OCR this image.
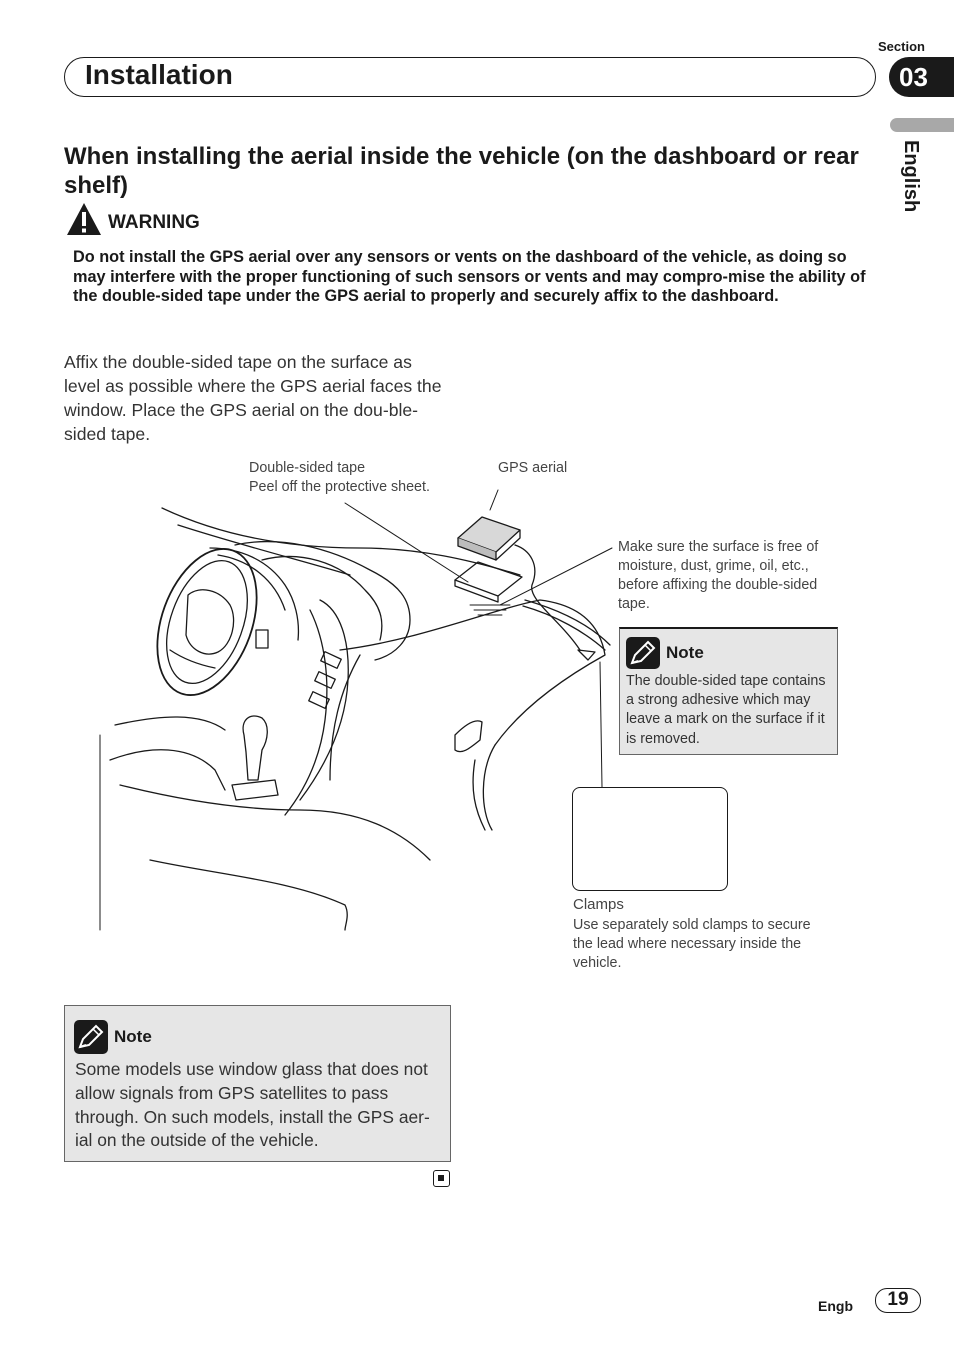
Section
03
Installation
English
When installing the aerial inside the vehicle (on the dashboard or rear shelf)
WARNING

Do not install the GPS aerial over any sensors or vents on the dashboard of the vehicle, as doing so may interfere with the proper functioning of such sensors or vents and may compro-mise the ability of the double-sided tape under the GPS aerial to properly and securely affix to the dashboard.

Affix the double-sided tape on the surface as level as possible where the GPS aerial faces the window. Place the GPS aerial on the dou-ble-sided tape.

Double-sided tape
Peel off the protective sheet.
GPS aerial
Make sure the surface is free of moisture, dust, grime, oil, etc., before affixing the double-sided tape.
Note
The double-sided tape contains a strong adhesive which may leave a mark on the surface if it is removed.
Clamps
Use separately sold clamps to secure the lead where necessary inside the vehicle.
Note
Some models use window glass that does not allow signals from GPS satellites to pass through. On such models, install the GPS aer-ial on the outside of the vehicle.
Engb	19
